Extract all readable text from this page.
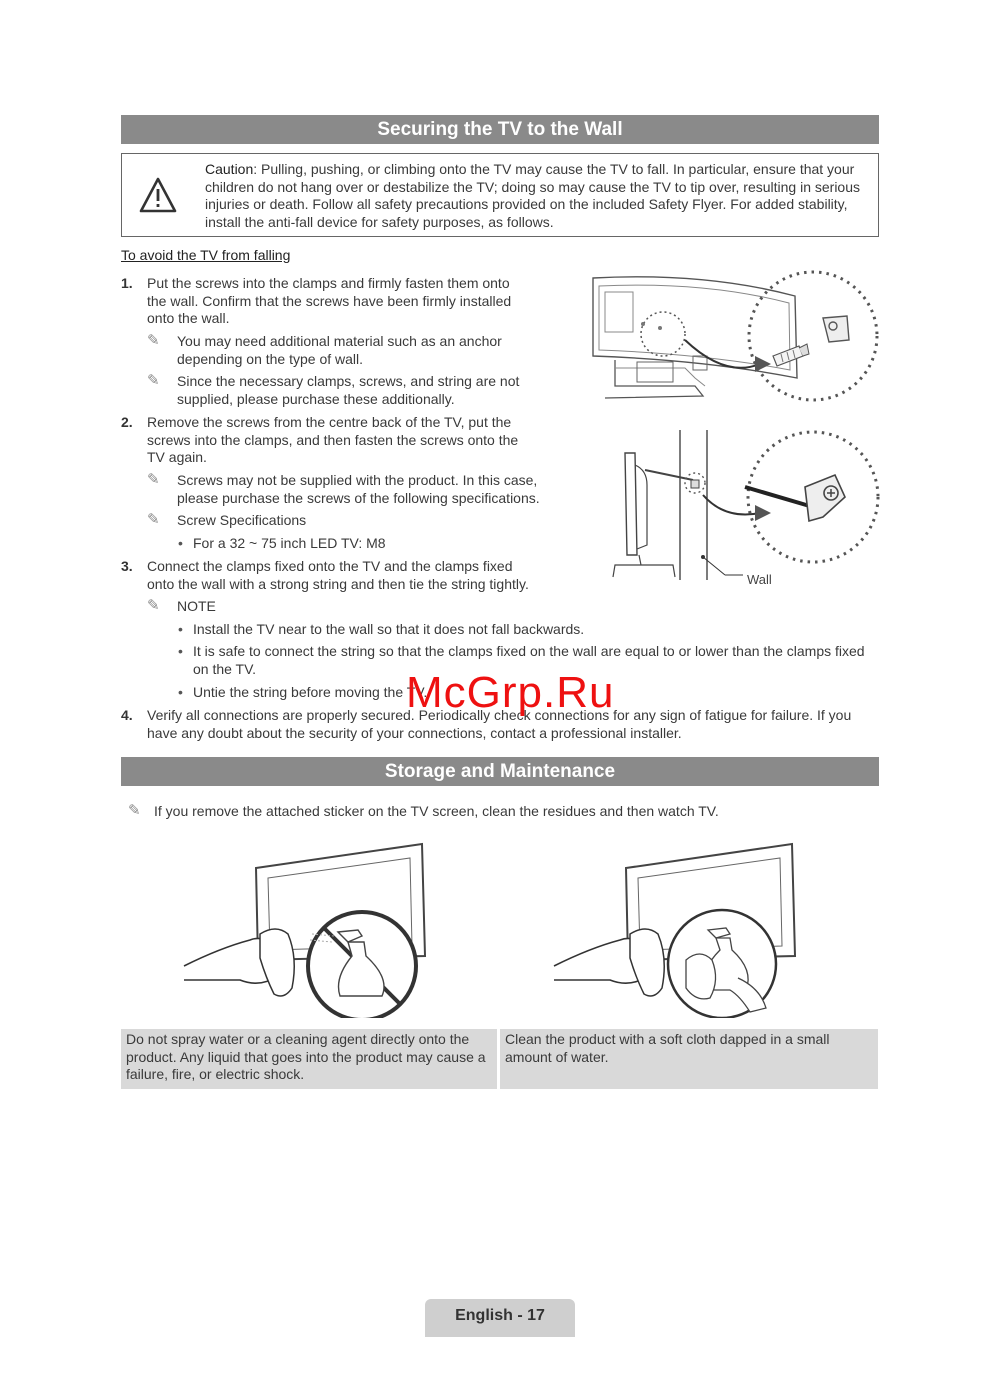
Securing the TV to the Wall
Caution: Pulling, pushing, or climbing onto the TV may cause the TV to fall. In particular, ensure that your children do not hang over or destabilize the TV; doing so may cause the TV to tip over, resulting in serious injuries or death. Follow all safety precautions provided on the included Safety Flyer. For added stability, install the anti-fall device for safety purposes, as follows.
To avoid the TV from falling
1. Put the screws into the clamps and firmly fasten them onto the wall. Confirm that the screws have been firmly installed onto the wall.
✎ You may need additional material such as an anchor depending on the type of wall.
✎ Since the necessary clamps, screws, and string are not supplied, please purchase these additionally.
2. Remove the screws from the centre back of the TV, put the screws into the clamps, and then fasten the screws onto the TV again.
✎ Screws may not be supplied with the product. In this case, please purchase the screws of the following specifications.
✎ Screw Specifications
• For a 32 ~ 75 inch LED TV: M8
3. Connect the clamps fixed onto the TV and the clamps fixed onto the wall with a strong string and then tie the string tightly.
✎ NOTE
• Install the TV near to the wall so that it does not fall backwards.
• It is safe to connect the string so that the clamps fixed on the wall are equal to or lower than the clamps fixed on the TV.
• Untie the string before moving the TV.
4. Verify all connections are properly secured. Periodically check connections for any sign of fatigue for failure. If you have any doubt about the security of your connections, contact a professional installer.
Wall
McGrp.Ru
Storage and Maintenance
✎ If you remove the attached sticker on the TV screen, clean the residues and then watch TV.
Do not spray water or a cleaning agent directly onto the product. Any liquid that goes into the product may cause a failure, fire, or electric shock.
Clean the product with a soft cloth dapped in a small amount of water.
English - 17
